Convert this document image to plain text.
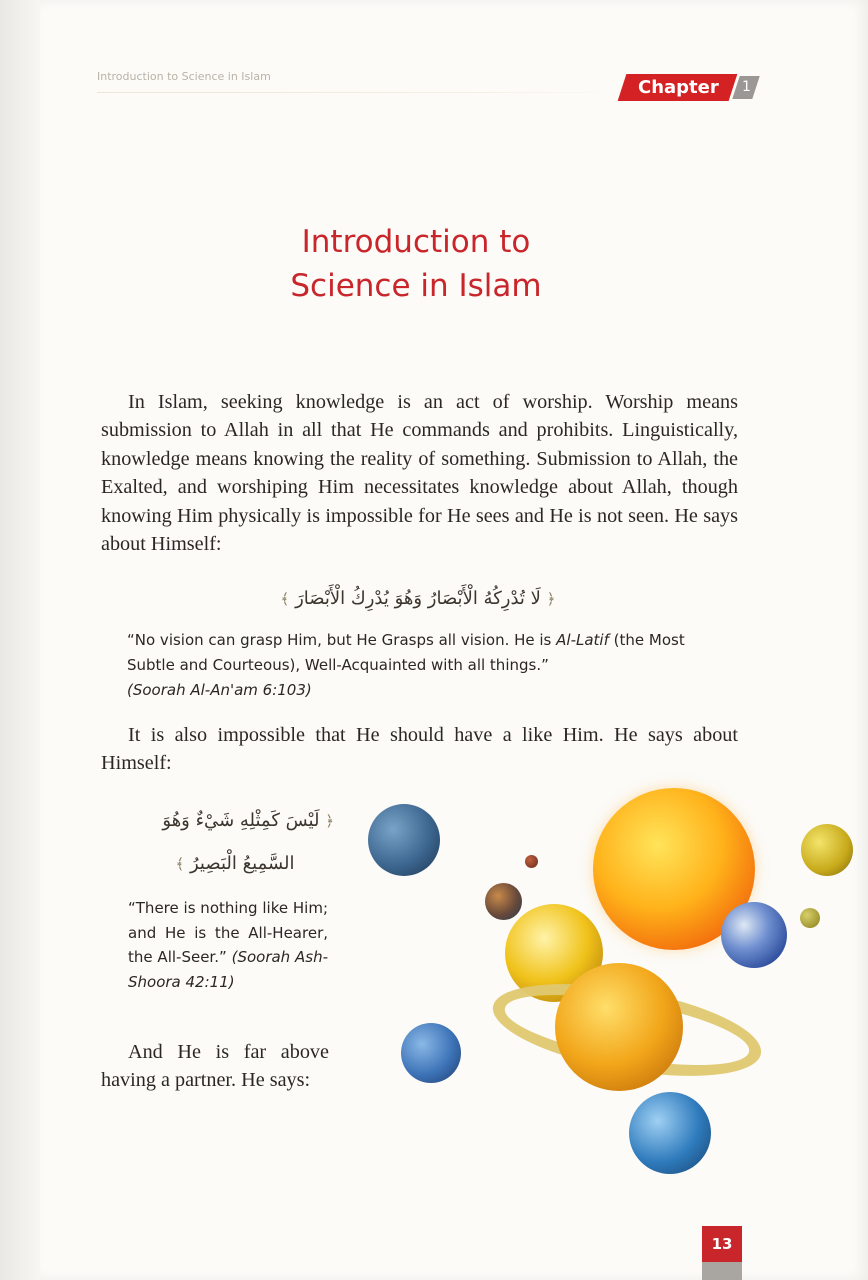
Introduction to Science in Islam
Chapter	1
Introduction to
Science in Islam
In Islam, seeking knowledge is an act of worship. Worship means submission to Allah in all that He commands and prohibits. Linguistically, knowledge means knowing the reality of something. Submission to Allah, the Exalted, and worshiping Him necessitates knowledge about Allah, though knowing Him physically is impossible for He sees and He is not seen. He says about Himself:
﴿ لَا تُدْرِكُهُ الْأَبْصَارُ وَهُوَ يُدْرِكُ الْأَبْصَارَ ﴾
“No vision can grasp Him, but He Grasps all vision. He is Al-Latif (the Most Subtle and Courteous), Well-Acquainted with all things.”
(Soorah Al-An'am 6:103)
It is also impossible that He should have a like Him. He says about Himself:
﴿ لَيْسَ كَمِثْلِهِ شَيْءٌ وَهُوَ
السَّمِيعُ الْبَصِيرُ ﴾
“There is nothing like Him; and He is the All-Hearer, the All-Seer.” (Soorah Ash-Shoora 42:11)
And He is far above having a partner. He says:
13
